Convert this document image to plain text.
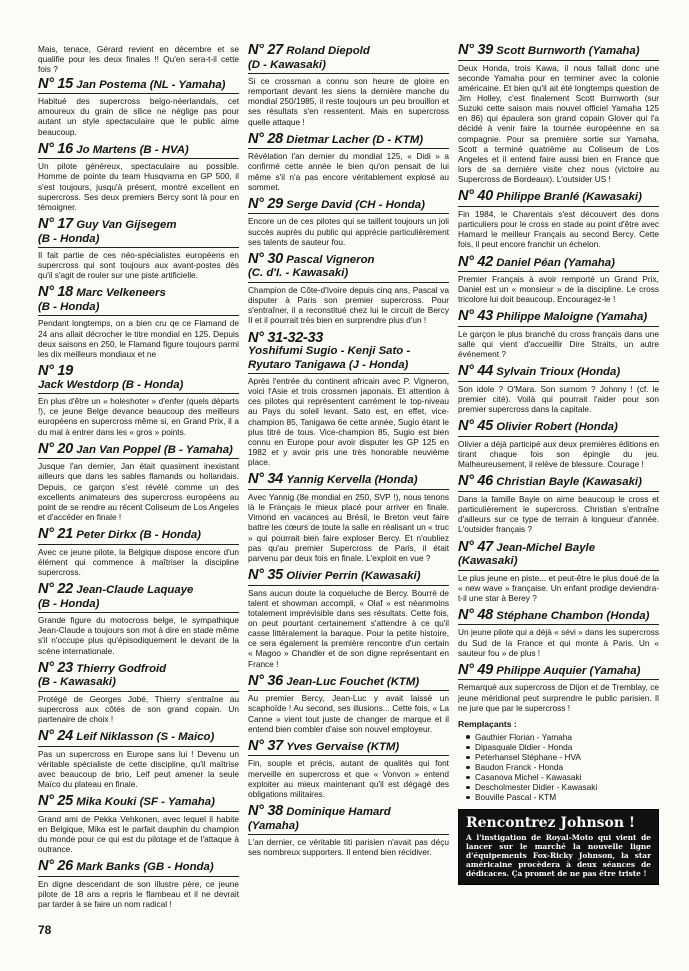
Mais, tenace, Gérard revient en décembre et se qualifie pour les deux finales !! Qu'en sera-t-il cette fois ?

N° 15 Jan Postema (NL - Yamaha)

Habitué des supercross belgo-néerlandais, cet amoureux du grain de silice ne néglige pas pour autant un style spectaculaire que le public aime beaucoup.

N° 16 Jo Martens (B - HVA)

Un pilote généreux, spectaculaire au possible. Homme de pointe du team Husqvarna en GP 500, il s'est toujours, jusqu'à présent, montré excellent en supercross. Ses deux premiers Bercy sont là pour en témoigner.

N° 17 Guy Van Gijsegem
(B - Honda)

Il fait partie de ces néo-spécialistes européens en supercross qui sont toujours aux avant-postes dès qu'il s'agit de rouler sur une piste artificielle.

N° 18 Marc Velkeneers
(B - Honda)

Pendant longtemps, on a bien cru qe ce Flamand de 24 ans allait décrocher le titre mondial en 125. Depuis deux saisons en 250, le Flamand figure toujours parmi les dix meilleurs mondiaux et ne

N° 19
Jack Westdorp (B - Honda)

En plus d'être un « holeshoter » d'enfer (quels départs !), ce jeune Belge devance beaucoup des meilleurs européens en supercross même si, en Grand Prix, il a du mal à entrer dans les « gros » points.

N° 20 Jan Van Poppel (B - Yamaha)

Jusque l'an dernier, Jan était quasiment inexistant ailleurs que dans les sables flamands ou hollandais. Depuis, ce garçon s'est révélé comme un des excellents animateurs des supercross européens au point de se rendre au récent Coliseum de Los Angeles et d'accéder en finale !

N° 21 Peter Dirkx (B - Honda)

Avec ce jeune pilote, la Belgique dispose encore d'un élément qui commence à maîtriser la discipline supercross.

N° 22 Jean-Claude Laquaye
(B - Honda)

Grande figure du motocross belge, le sympathique Jean-Claude a toujours son mot à dire en stade même s'il n'occupe plus qu'épisodiquement le devant de la scène internationale.

N° 23 Thierry Godfroid
(B - Kawasaki)

Protégé de Georges Jobé, Thierry s'entraîne au supercross aux côtés de son grand copain. Un partenaire de choix !

N° 24 Leif Niklasson (S - Maico)

Pas un supercross en Europe sans lui ! Devenu un véritable spécialiste de cette discipline, qu'il maîtrise avec beaucoup de brio, Leif peut amener la seule Maïco du plateau en finale.

N° 25 Mika Kouki (SF - Yamaha)

Grand ami de Pekka Vehkonen, avec lequel il habite en Belgique, Mika est le parfait dauphin du champion du monde pour ce qui est du pilotage et de l'attaque à outrance.

N° 26 Mark Banks (GB - Honda)

En digne descendant de son illustre père, ce jeune pilote de 18 ans a repris le flambeau et il ne devrait par tarder à se faire un nom radical !

N° 27 Roland Diepold
(D - Kawasaki)

Si ce crossman a connu son heure de gloire en remportant devant les siens la dernière manche du mondial 250/1985, il reste toujours un peu brouillon et ses résultats s'en ressentent. Mais en supercross quelle attaque !

N° 28 Dietmar Lacher (D - KTM)

Révélation l'an dernier du mondial 125, « Didi » a confirmé cette année le bien qu'on pensait de lui même s'il n'a pas encore véritablement explosé au sommet.

N° 29 Serge David (CH - Honda)

Encore un de ces pilotes qui se taillent toujours un joli succès auprès du public qui apprécie particulièrement ses talents de sauteur fou.

N° 30 Pascal Vigneron
(C. d'I. - Kawasaki)

Champion de Côte-d'Ivoire depuis cinq ans, Pascal va disputer à Paris son premier supercross. Pour s'entraîner, il a reconstitué chez lui le circuit de Bercy II et il pourrait très bien en surprendre plus d'un !

N° 31-32-33
Yoshifumi Sugio - Kenji Sato - Ryutaro Tanigawa (J - Honda)

Après l'entrée du continent africain avec P. Vigneron, voici l'Asie et trois crossmen japonais. Et attention à ces pilotes qui représentent carrément le top-niveau au Pays du soleil levant. Sato est, en effet, vice-champion 85, Tanigawa 6e cette année, Sugio étant le plus titré de tous. Vice-champion 85, Sugio est bien connu en Europe pour avoir disputer les GP 125 en 1982 et y avoir pris une très honorable neuvième place.

N° 34 Yannig Kervella (Honda)

Avec Yannig (8e mondial en 250, SVP !), nous tenons là le Français le mieux placé pour arriver en finale. Vimond en vacances au Brésil, le Breton veut faire battre les cœurs de toute la salle en réalisant un « truc » qui pourrait bien faire exploser Bercy. Et n'oubliez pas qu'au premier Supercross de Paris, il était parvenu par deux fois en finale. L'exploit en vue ?

N° 35 Olivier Perrin (Kawasaki)

Sans aucun doute la coqueluche de Bercy. Bourré de talent et showman accompli, « Olaf » est néanmoins totalement imprévisible dans ses résultats. Cette fois, on peut pourtant certainement s'attendre à ce qu'il casse littéralement la baraque. Pour la petite histoire, ce sera également la première rencontre d'un certain « Magoo » Chandler et de son digne représentant en France !

N° 36 Jean-Luc Fouchet (KTM)

Au premier Bercy, Jean-Luc y avait laissé un scaphoïde ! Au second, ses illusions... Cette fois, « La Canne » vient tout juste de changer de marque et il entend bien combler d'aise son nouvel employeur.

N° 37 Yves Gervaise (KTM)

Fin, souple et précis, autant de qualités qui font merveille en supercross et que « Vonvon » entend exploiter au mieux maintenant qu'il est dégagé des obligations militaires.

N° 38 Dominique Hamard
(Yamaha)

L'an dernier, ce véritable titi parisien n'avait pas déçu ses nombreux supporters. Il entend bien récidiver.

N° 39 Scott Burnworth (Yamaha)

Deux Honda, trois Kawa, il nous fallait donc une seconde Yamaha pour en terminer avec la colonie américaine. Et bien qu'il ait été longtemps question de Jim Holley, c'est finalement Scott Burnworth (sur Suzuki cette saison mais nouvel officiel Yamaha 125 en 86) qui épaulera son grand copain Glover qui l'a décidé à venir faire la tournée européenne en sa compagnie. Pour sa première sortie sur Yamaha, Scott a terminé quatrième au Coliseum de Los Angeles et il entend faire aussi bien en France que lors de sa dernière visite chez nous (victoire au Supercross de Bordeaux). L'outsider US !

N° 40 Philippe Branlé (Kawasaki)

Fin 1984, le Charentais s'est découvert des dons particuliers pour le cross en stade au point d'être avec Hamard le meilleur Français au second Bercy. Cette fois, il peut encore franchir un échelon.

N° 42 Daniel Péan (Yamaha)

Premier Français à avoir remporté un Grand Prix, Daniel est un « monsieur » de la discipline. Le cross tricolore lui doit beaucoup. Encouragez-le !

N° 43 Philippe Maloigne (Yamaha)

Le garçon le plus branché du cross français dans une salle qui vient d'accueillir Dire Straits, un autre événement ?

N° 44 Sylvain Trioux (Honda)

Son idole ? O'Mara. Son surnom ? Johnny ! (cf. le premier cité). Voilà qui pourrait l'aider pour son premier supercross dans la capitale.

N° 45 Olivier Robert (Honda)

Olivier a déjà participé aux deux premières éditions en tirant chaque fois son épingle du jeu. Malheureusement, il relève de blessure. Courage !

N° 46 Christian Bayle (Kawasaki)

Dans la famille Bayle on aime beaucoup le cross et particulièrement le supercross. Christian s'entraîne d'ailleurs sur ce type de terrain à longueur d'année. L'outsider français ?

N° 47 Jean-Michel Bayle
(Kawasaki)

Le plus jeune en piste... et peut-être le plus doué de la « new wave » française. Un enfant prodige deviendra-t-il une star à Berey ?

N° 48 Stéphane Chambon (Honda)

Un jeune pilote qui a déjà « sévi » dans les supercross du Sud de la France et qui monte à Paris. Un « sauteur fou » de plus !

N° 49 Philippe Auquier (Yamaha)

Remarqué aux supercross de Dijon et de Tremblay, ce jeune méridional peut surprendre le public parisien. Il ne jure que par le supercross !

Remplaçants :
Gauthier Florian - Yamaha
Dipasquale Didier - Honda
Peterhansel Stéphane - HVA
Baudon Franck - Honda
Casanova Michel - Kawasaki
Descholmester Didier - Kawasaki
Bouville Pascal - KTM
Rencontrez Johnson !
A l'instigation de Royal-Moto qui vient de lancer sur le marché la nouvelle ligne d'équipements Fox-Ricky Johnson, la star américaine procèdera à deux séances de dédicaces. Ça promet de ne pas être triste !
78
